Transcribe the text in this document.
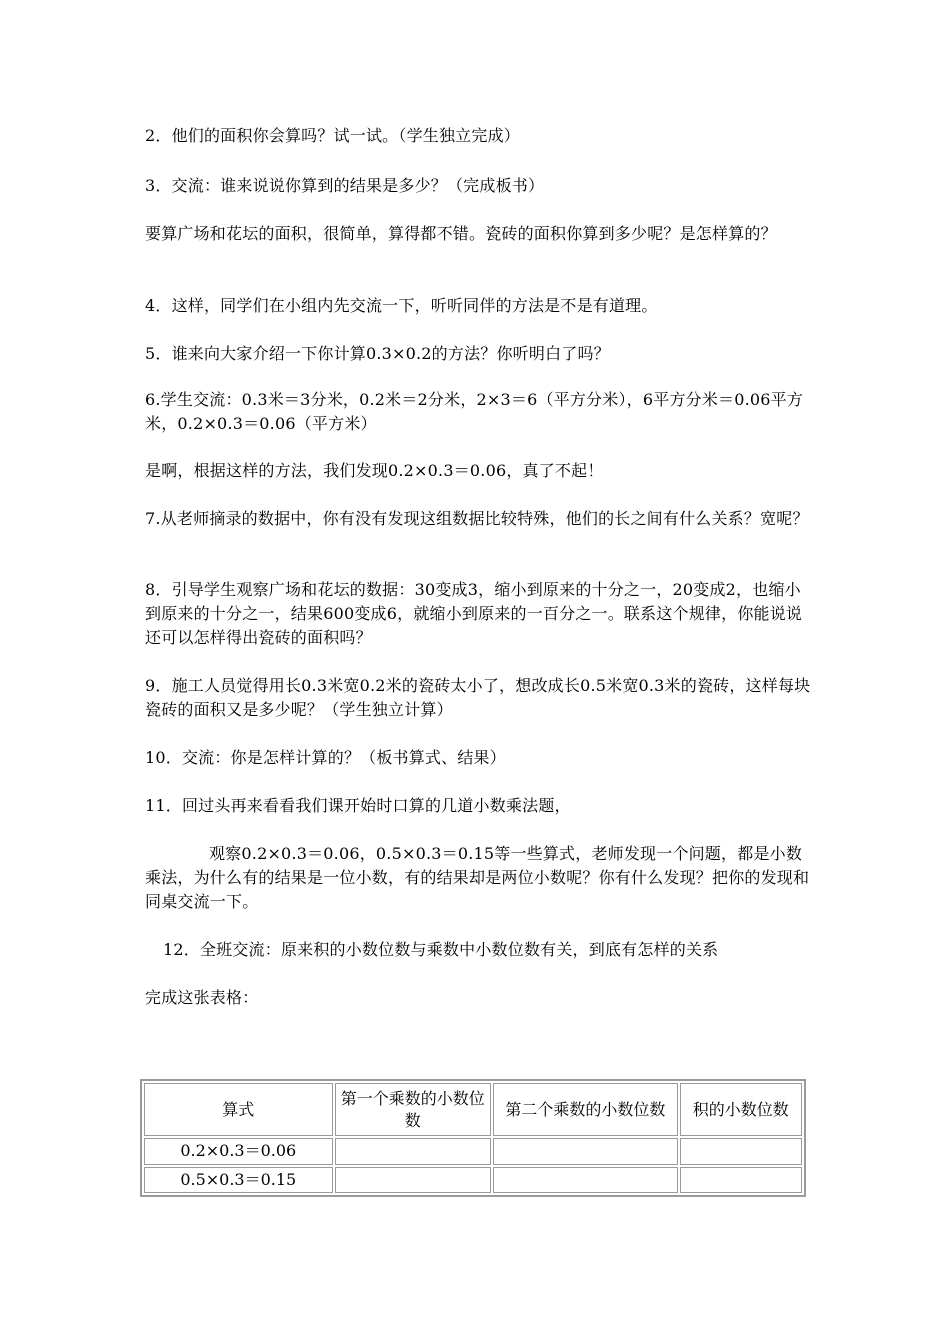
2．他们的面积你会算吗？试一试。（学生独立完成）

3．交流：谁来说说你算到的结果是多少？（完成板书）

要算广场和花坛的面积，很简单，算得都不错。瓷砖的面积你算到多少呢？是怎样算的？

4．这样，同学们在小组内先交流一下，听听同伴的方法是不是有道理。

5．谁来向大家介绍一下你计算0.3×0.2的方法？你听明白了吗？

6.学生交流：0.3米＝3分米，0.2米＝2分米，2×3＝6（平方分米），6平方分米＝0.06平方米，0.2×0.3＝0.06（平方米）

是啊，根据这样的方法，我们发现0.2×0.3＝0.06，真了不起！

7.从老师摘录的数据中，你有没有发现这组数据比较特殊，他们的长之间有什么关系？宽呢？

8．引导学生观察广场和花坛的数据：30变成3，缩小到原来的十分之一，20变成2，也缩小到原来的十分之一，结果600变成6，就缩小到原来的一百分之一。联系这个规律，你能说说还可以怎样得出瓷砖的面积吗？

9．施工人员觉得用长0.3米宽0.2米的瓷砖太小了，想改成长0.5米宽0.3米的瓷砖，这样每块瓷砖的面积又是多少呢？（学生独立计算）

10．交流：你是怎样计算的？（板书算式、结果）

11．回过头再来看看我们课开始时口算的几道小数乘法题，

观察0.2×0.3＝0.06，0.5×0.3＝0.15等一些算式，老师发现一个问题，都是小数乘法，为什么有的结果是一位小数，有的结果却是两位小数呢？你有什么发现？把你的发现和同桌交流一下。

12．全班交流：原来积的小数位数与乘数中小数位数有关，到底有怎样的关系

完成这张表格：

算式	第一个乘数的小数位数	第二个乘数的小数位数	积的小数位数
0.2×0.3＝0.06			
0.5×0.3＝0.15			
